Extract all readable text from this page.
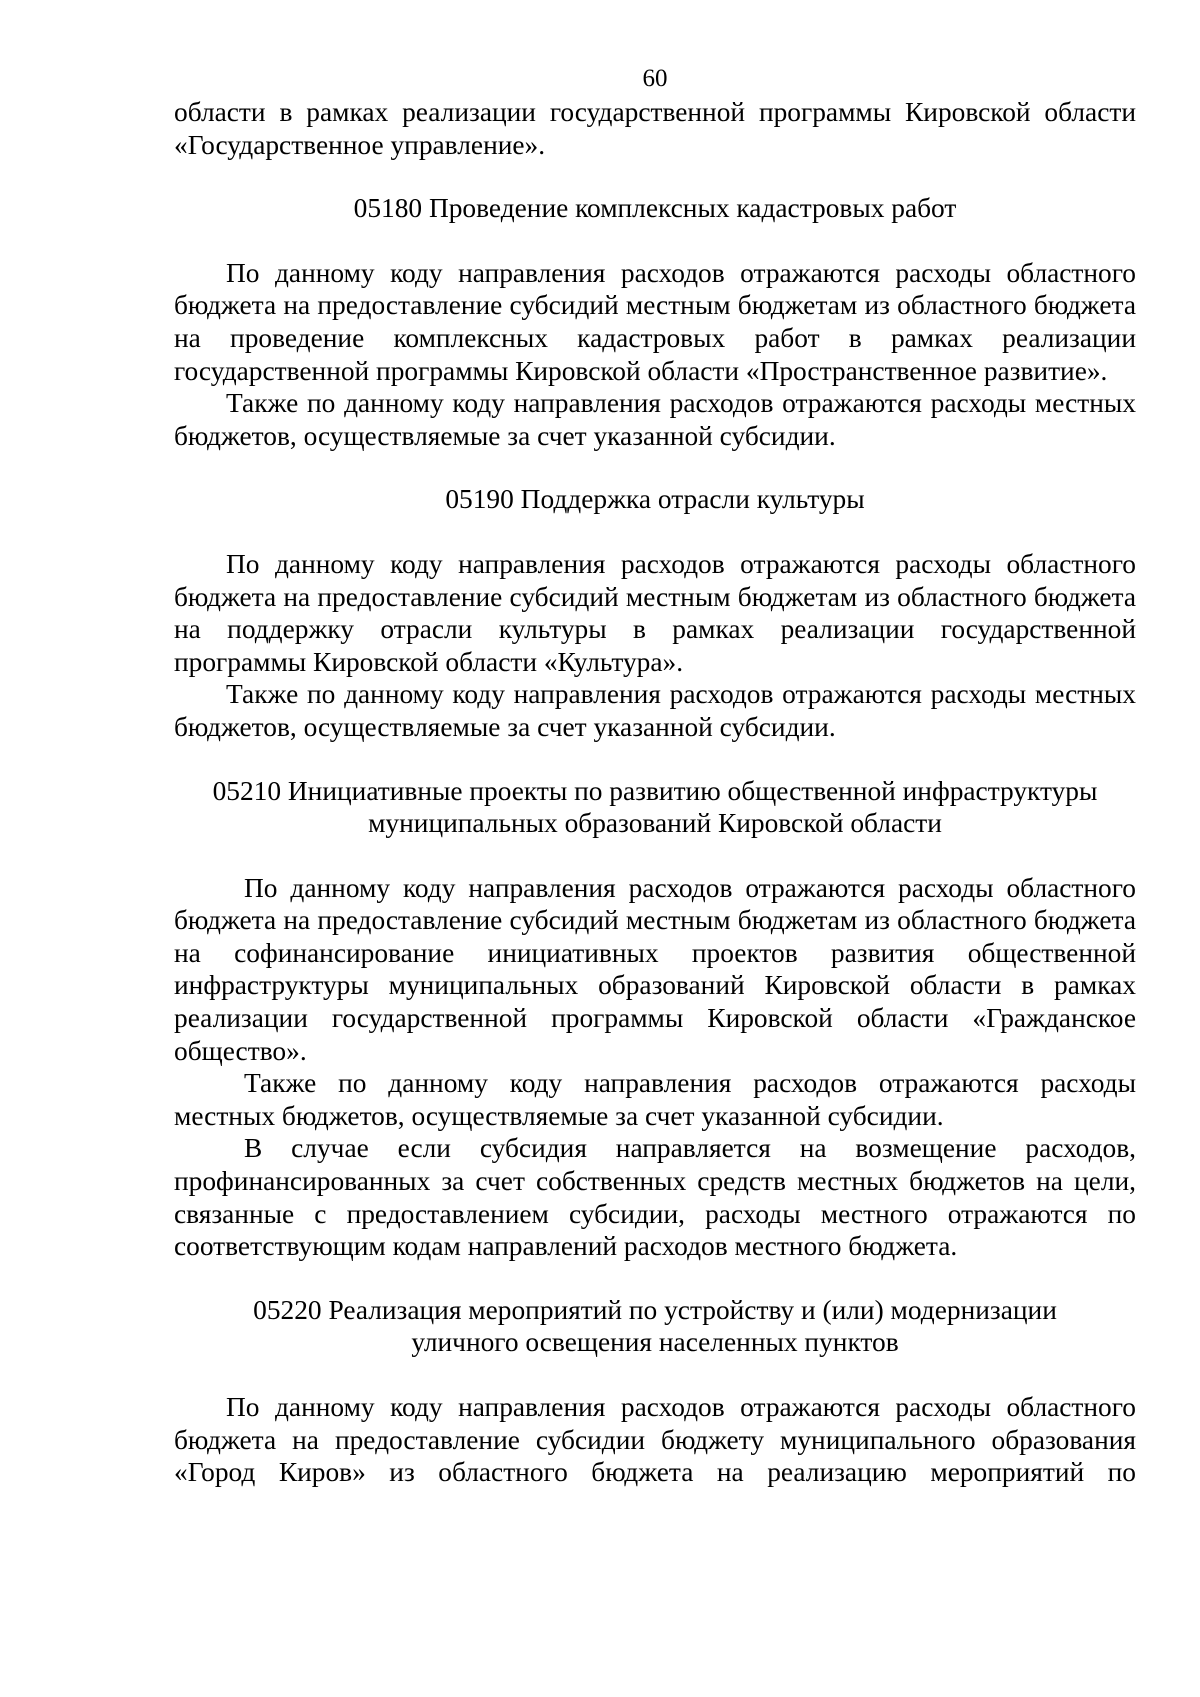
60

области в рамках реализации государственной программы Кировской области «Государственное управление».

05180 Проведение комплексных кадастровых работ

По данному коду направления расходов отражаются расходы областного бюджета на предоставление субсидий местным бюджетам из областного бюджета на проведение комплексных кадастровых работ в рамках реализации государственной программы Кировской области «Пространственное развитие».

Также по данному коду направления расходов отражаются расходы местных бюджетов, осуществляемые за счет указанной субсидии.

05190 Поддержка отрасли культуры

По данному коду направления расходов отражаются расходы областного бюджета на предоставление субсидий местным бюджетам из областного бюджета на поддержку отрасли культуры в рамках реализации государственной программы Кировской области «Культура».

Также по данному коду направления расходов отражаются расходы местных бюджетов, осуществляемые за счет указанной субсидии.

05210 Инициативные проекты по развитию общественной инфраструктуры

муниципальных образований Кировской области

По данному коду направления расходов отражаются расходы областного бюджета на предоставление субсидий местным бюджетам из областного бюджета на софинансирование инициативных проектов развития общественной инфраструктуры муниципальных образований Кировской области в рамках реализации государственной программы Кировской области «Гражданское общество».

Также по данному коду направления расходов отражаются расходы местных бюджетов, осуществляемые за счет указанной субсидии.

В случае если субсидия направляется на возмещение расходов, профинансированных за счет собственных средств местных бюджетов на цели, связанные с предоставлением субсидии, расходы местного отражаются по соответствующим кодам направлений расходов местного бюджета.

05220 Реализация мероприятий по устройству и (или) модернизации

уличного освещения населенных пунктов

По данному коду направления расходов отражаются расходы областного бюджета на предоставление субсидии бюджету муниципального образования «Город Киров» из областного бюджета на реализацию мероприятий по
